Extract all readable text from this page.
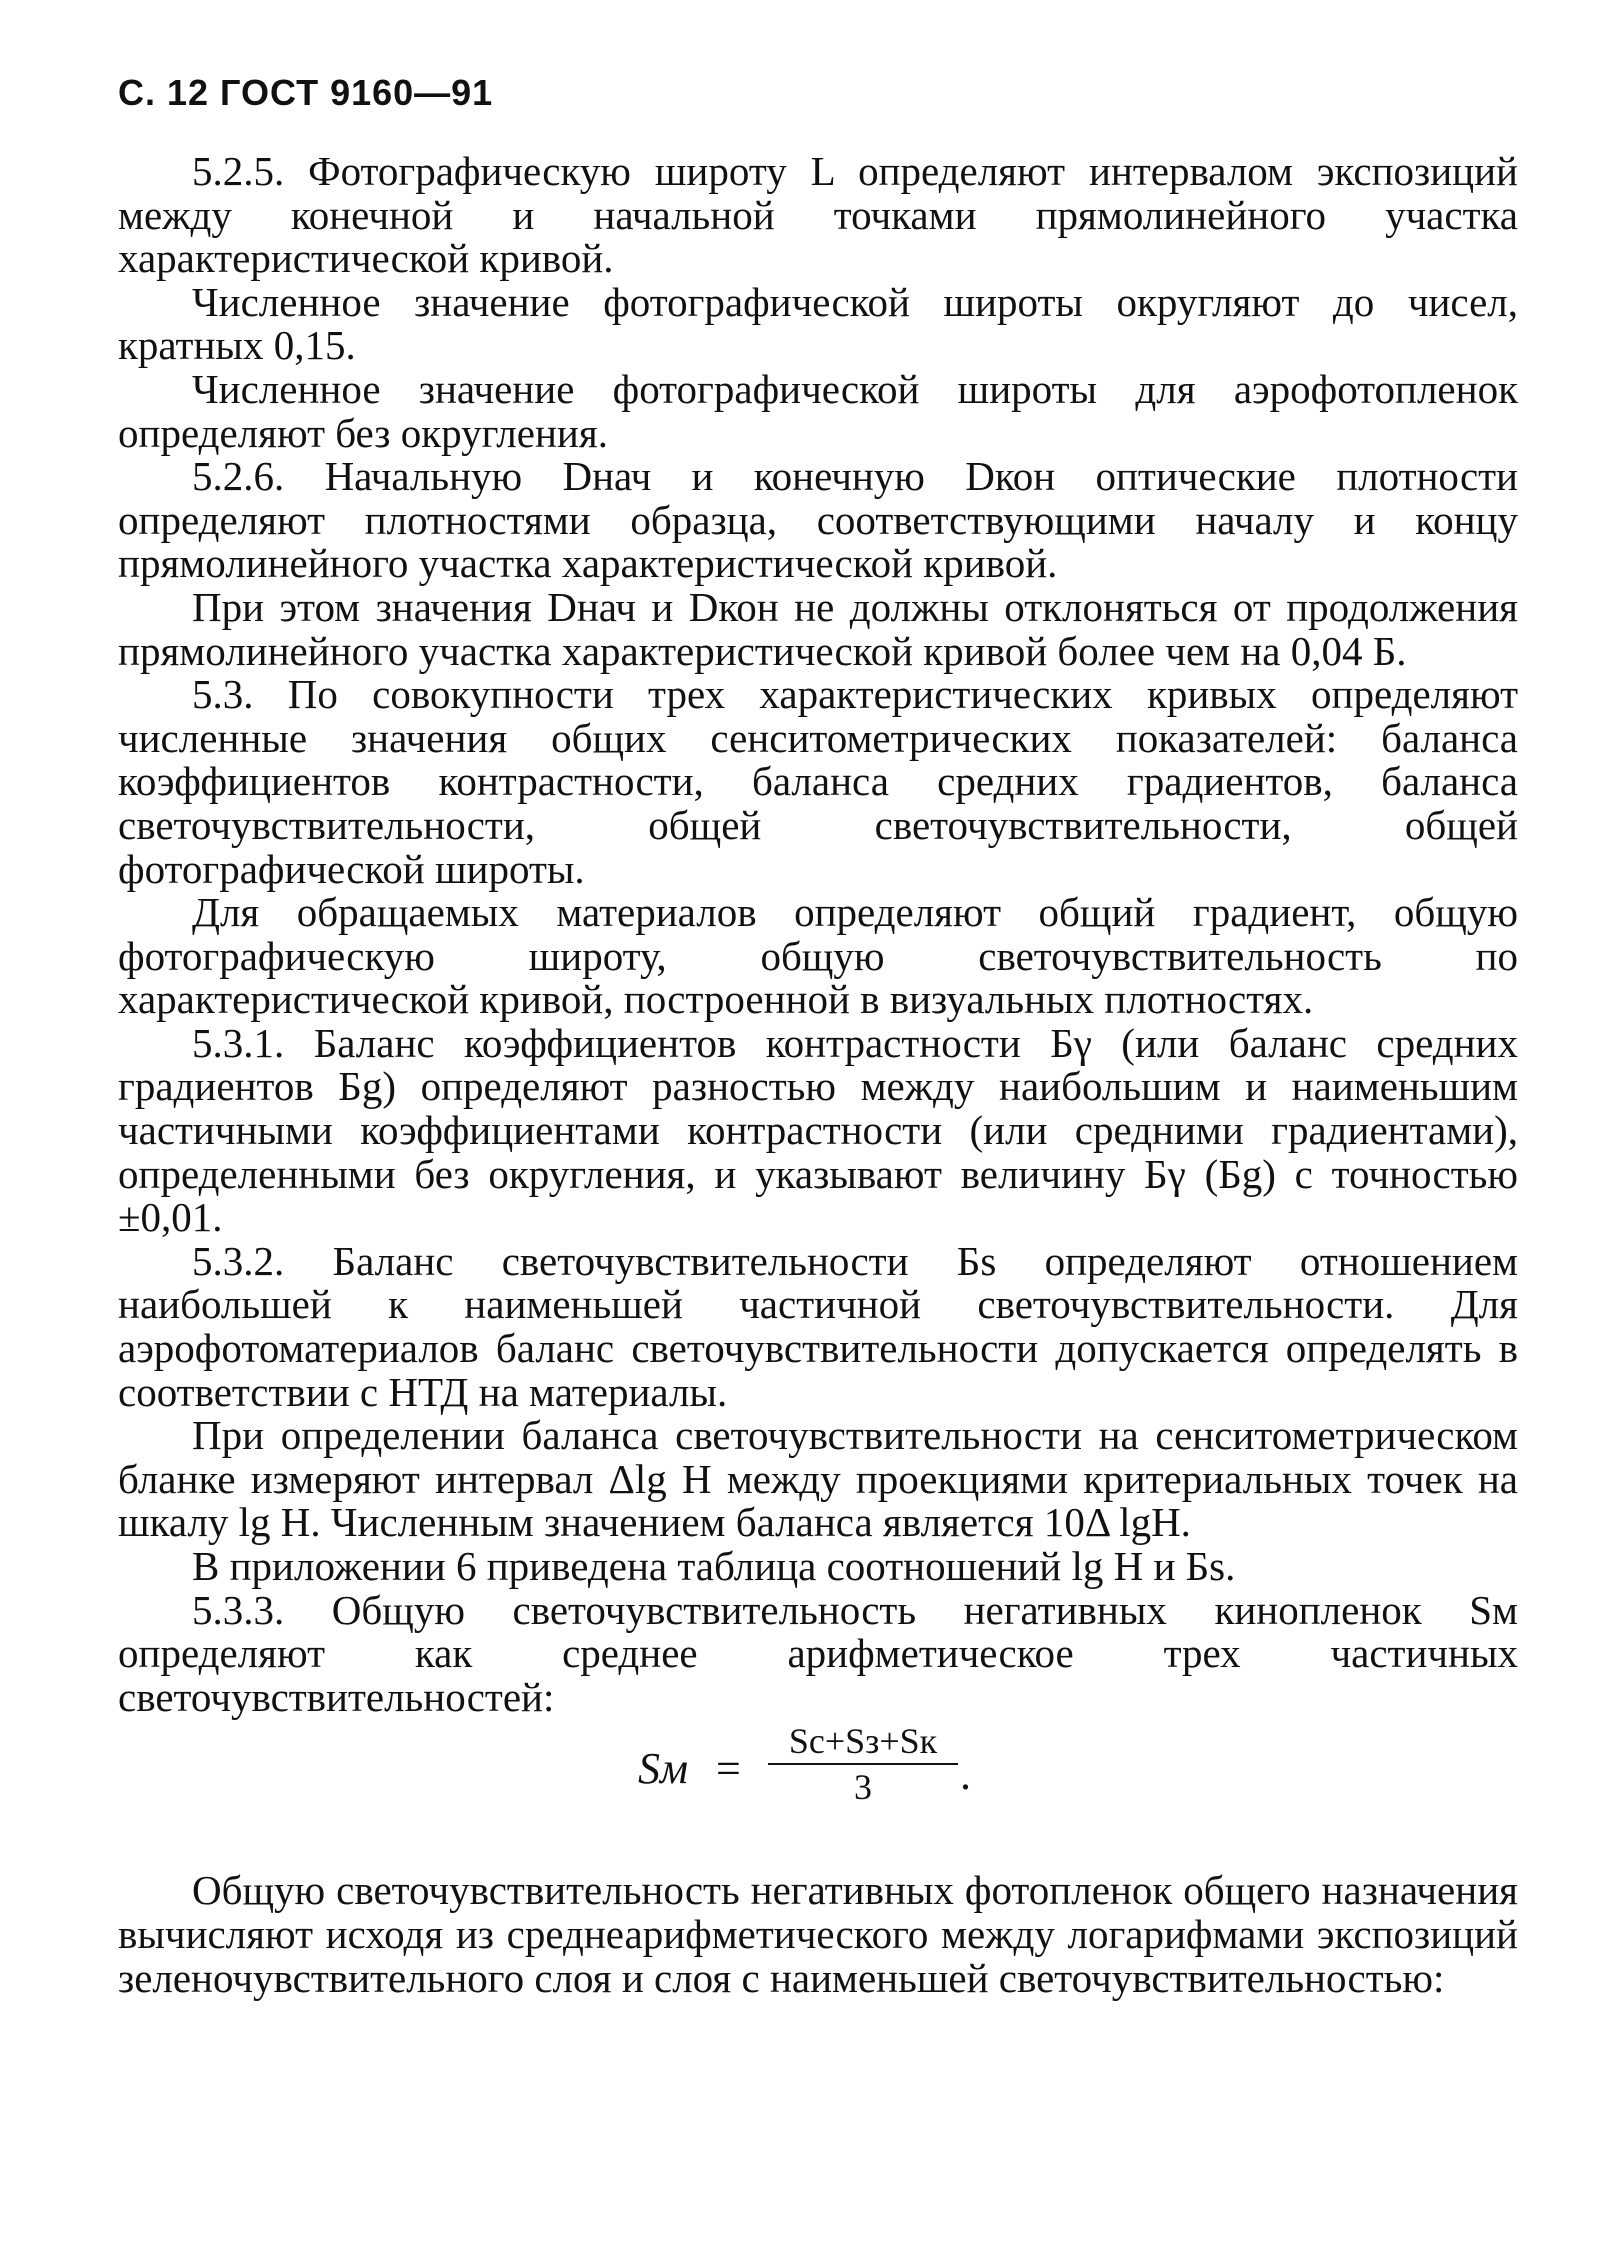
С. 12 ГОСТ 9160—91

5.2.5. Фотографическую широту L определяют интервалом экспозиций между конечной и начальной точками прямолинейного участка характеристической кривой.

Численное значение фотографической широты округляют до чисел, кратных 0,15.

Численное значение фотографической широты для аэрофотопленок определяют без округления.

5.2.6. Начальную Dнач и конечную Dкон оптические плотности определяют плотностями образца, соответствующими началу и концу прямолинейного участка характеристической кривой.

При этом значения Dнач и Dкон не должны отклоняться от продолжения прямолинейного участка характеристической кривой более чем на 0,04 Б.

5.3. По совокупности трех характеристических кривых определяют численные значения общих сенситометрических показателей: баланса коэффициентов контрастности, баланса средних градиентов, баланса светочувствительности, общей светочувствительности, общей фотографической широты.

Для обращаемых материалов определяют общий градиент, общую фотографическую широту, общую светочувствительность по характеристической кривой, построенной в визуальных плотностях.

5.3.1. Баланс коэффициентов контрастности Бγ (или баланс средних градиентов Бg) определяют разностью между наибольшим и наименьшим частичными коэффициентами контрастности (или средними градиентами), определенными без округления, и указывают величину Бγ (Бg) с точностью ±0,01.

5.3.2. Баланс светочувствительности Бs определяют отношением наибольшей к наименьшей частичной светочувствительности. Для аэрофотоматериалов баланс светочувствительности допускается определять в соответствии с НТД на материалы.

При определении баланса светочувствительности на сенситометрическом бланке измеряют интервал Δlg H между проекциями критериальных точек на шкалу lg H. Численным значением баланса является 10Δ lgH.

В приложении 6 приведена таблица соотношений lg H и Бs.

5.3.3. Общую светочувствительность негативных кинопленок Sм определяют как среднее арифметическое трех частичных светочувствительностей:

Sм =
Sс+Sз+Sк
3	.

Общую светочувствительность негативных фотопленок общего назначения вычисляют исходя из среднеарифметического между логарифмами экспозиций зеленочувствительного слоя и слоя с наименьшей светочувствительностью:
